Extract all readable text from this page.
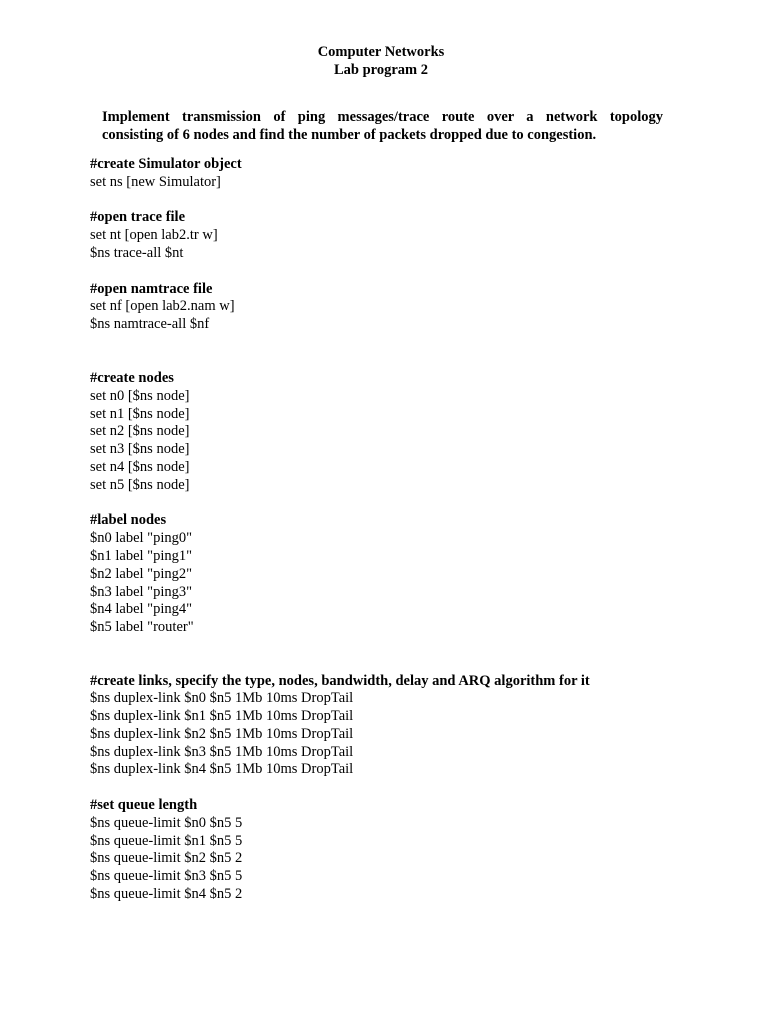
Computer Networks
Lab program 2
Implement transmission of ping messages/trace route over a network topology
consisting of 6 nodes and find the number of packets dropped due to congestion.
#create Simulator object
set ns [new Simulator]
#open trace file
set nt [open lab2.tr w]
$ns trace-all $nt
#open namtrace file
set nf [open lab2.nam w]
$ns namtrace-all $nf
#create nodes
set n0 [$ns node]
set n1 [$ns node]
set n2 [$ns node]
set n3 [$ns node]
set n4 [$ns node]
set n5 [$ns node]
#label nodes
$n0 label "ping0"
$n1 label "ping1"
$n2 label "ping2"
$n3 label "ping3"
$n4 label "ping4"
$n5 label "router"
#create links, specify the type, nodes, bandwidth, delay and ARQ algorithm for it
$ns duplex-link $n0 $n5 1Mb 10ms DropTail
$ns duplex-link $n1 $n5 1Mb 10ms DropTail
$ns duplex-link $n2 $n5 1Mb 10ms DropTail
$ns duplex-link $n3 $n5 1Mb 10ms DropTail
$ns duplex-link $n4 $n5 1Mb 10ms DropTail
#set queue length
$ns queue-limit $n0 $n5 5
$ns queue-limit $n1 $n5 5
$ns queue-limit $n2 $n5 2
$ns queue-limit $n3 $n5 5
$ns queue-limit $n4 $n5 2
